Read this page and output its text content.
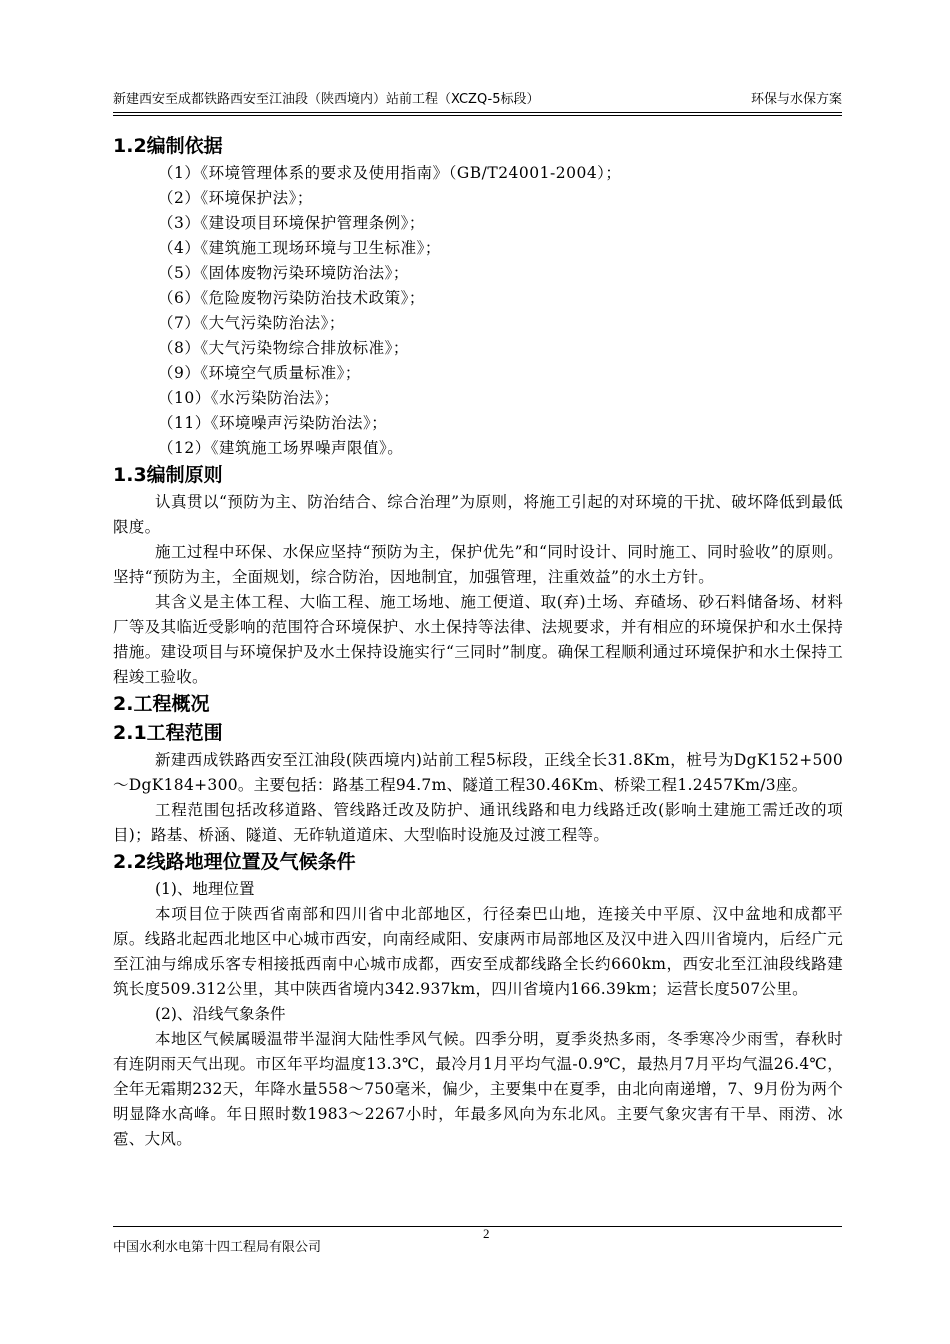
新建西安至成都铁路西安至江油段（陕西境内）站前工程（XCZQ-5标段）	环保与水保方案
1.2编制依据
（1）《环境管理体系的要求及使用指南》（GB/T24001-2004）；
（2）《环境保护法》；
（3）《建设项目环境保护管理条例》；
（4）《建筑施工现场环境与卫生标准》；
（5）《固体废物污染环境防治法》；
（6）《危险废物污染防治技术政策》；
（7）《大气污染防治法》；
（8）《大气污染物综合排放标准》；
（9）《环境空气质量标准》；
（10）《水污染防治法》；
（11）《环境噪声污染防治法》；
（12）《建筑施工场界噪声限值》。
1.3编制原则

认真贯以“预防为主、防治结合、综合治理”为原则，将施工引起的对环境的干扰、破坏降低到最低限度。

施工过程中环保、水保应坚持“预防为主，保护优先”和“同时设计、同时施工、同时验收”的原则。坚持“预防为主，全面规划，综合防治，因地制宜，加强管理，注重效益”的水土方针。

其含义是主体工程、大临工程、施工场地、施工便道、取(弃)土场、弃碴场、砂石料储备场、材料厂等及其临近受影响的范围符合环境保护、水土保持等法律、法规要求，并有相应的环境保护和水土保持措施。建设项目与环境保护及水土保持设施实行“三同时”制度。确保工程顺利通过环境保护和水土保持工程竣工验收。

2.工程概况
2.1工程范围

新建西成铁路西安至江油段(陕西境内)站前工程5标段，正线全长31.8Km，桩号为DgK152+500～DgK184+300。主要包括：路基工程94.7m、隧道工程30.46Km、桥梁工程1.2457Km/3座。

工程范围包括改移道路、管线路迁改及防护、通讯线路和电力线路迁改(影响土建施工需迁改的项目)；路基、桥涵、隧道、无砟轨道道床、大型临时设施及过渡工程等。

2.2线路地理位置及气候条件

(1)、地理位置

本项目位于陕西省南部和四川省中北部地区，行径秦巴山地，连接关中平原、汉中盆地和成都平原。线路北起西北地区中心城市西安，向南经咸阳、安康两市局部地区及汉中进入四川省境内，后经广元至江油与绵成乐客专相接抵西南中心城市成都，西安至成都线路全长约660km，西安北至江油段线路建筑长度509.312公里，其中陕西省境内342.937km，四川省境内166.39km；运营长度507公里。

(2)、沿线气象条件

本地区气候属暖温带半湿润大陆性季风气候。四季分明，夏季炎热多雨，冬季寒冷少雨雪，春秋时有连阴雨天气出现。市区年平均温度13.3℃，最冷月1月平均气温-0.9℃，最热月7月平均气温26.4℃，全年无霜期232天，年降水量558～750毫米，偏少，主要集中在夏季，由北向南递增，7、9月份为两个明显降水高峰。年日照时数1983～2267小时，年最多风向为东北风。主要气象灾害有干旱、雨涝、冰雹、大风。

2
中国水利水电第十四工程局有限公司
